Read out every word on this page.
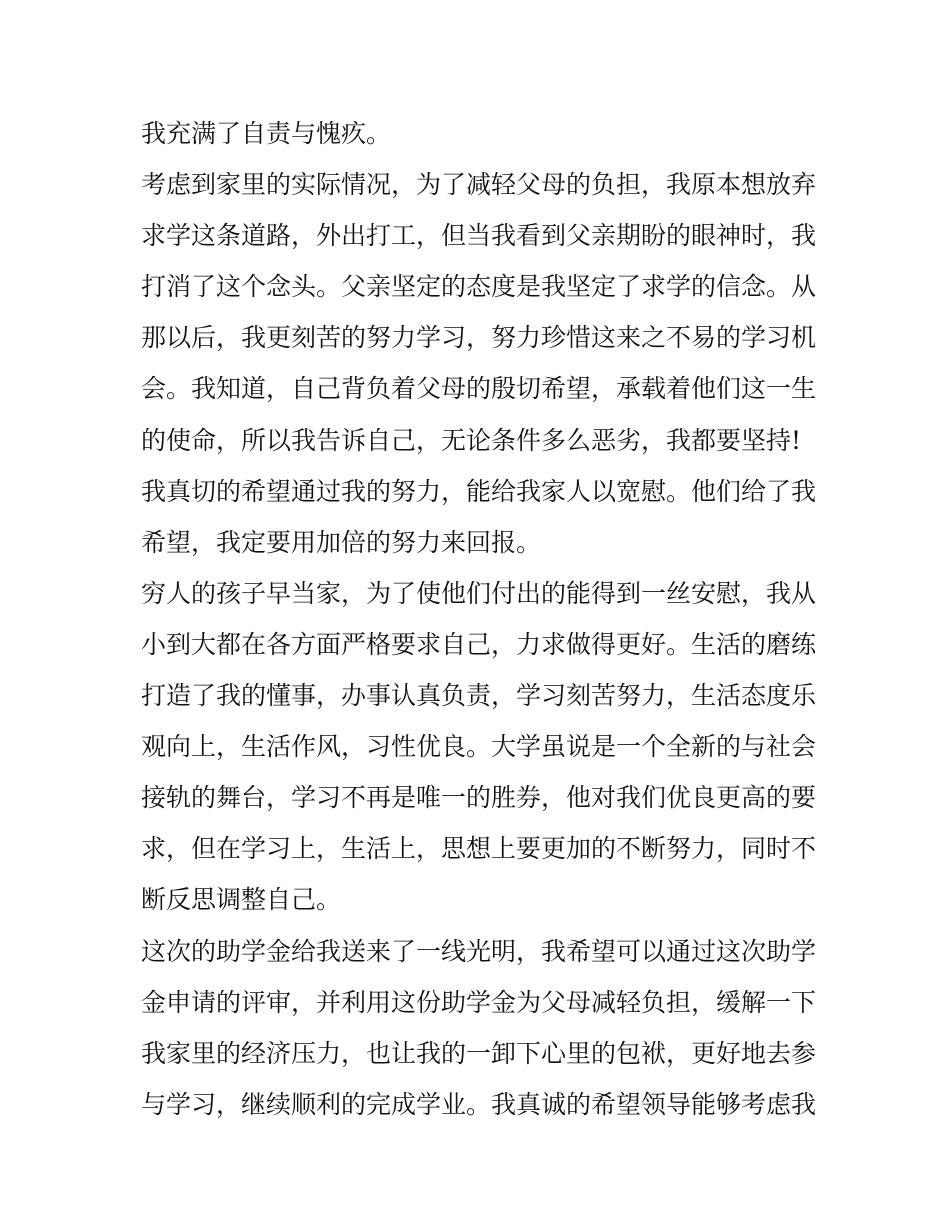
我充满了自责与愧疚。
考虑到家里的实际情况，为了减轻父母的负担，我原本想放弃
求学这条道路，外出打工，但当我看到父亲期盼的眼神时，我
打消了这个念头。父亲坚定的态度是我坚定了求学的信念。从
那以后，我更刻苦的努力学习，努力珍惜这来之不易的学习机
会。我知道，自己背负着父母的殷切希望，承载着他们这一生
的使命，所以我告诉自己，无论条件多么恶劣，我都要坚持!
我真切的希望通过我的努力，能给我家人以宽慰。他们给了我
希望，我定要用加倍的努力来回报。
穷人的孩子早当家，为了使他们付出的能得到一丝安慰，我从
小到大都在各方面严格要求自己，力求做得更好。生活的磨练
打造了我的懂事，办事认真负责，学习刻苦努力，生活态度乐
观向上，生活作风，习性优良。大学虽说是一个全新的与社会
接轨的舞台，学习不再是唯一的胜券，他对我们优良更高的要
求，但在学习上，生活上，思想上要更加的不断努力，同时不
断反思调整自己。
这次的助学金给我送来了一线光明，我希望可以通过这次助学
金申请的评审，并利用这份助学金为父母减轻负担，缓解一下
我家里的经济压力，也让我的一卸下心里的包袱，更好地去参
与学习，继续顺利的完成学业。我真诚的希望领导能够考虑我
